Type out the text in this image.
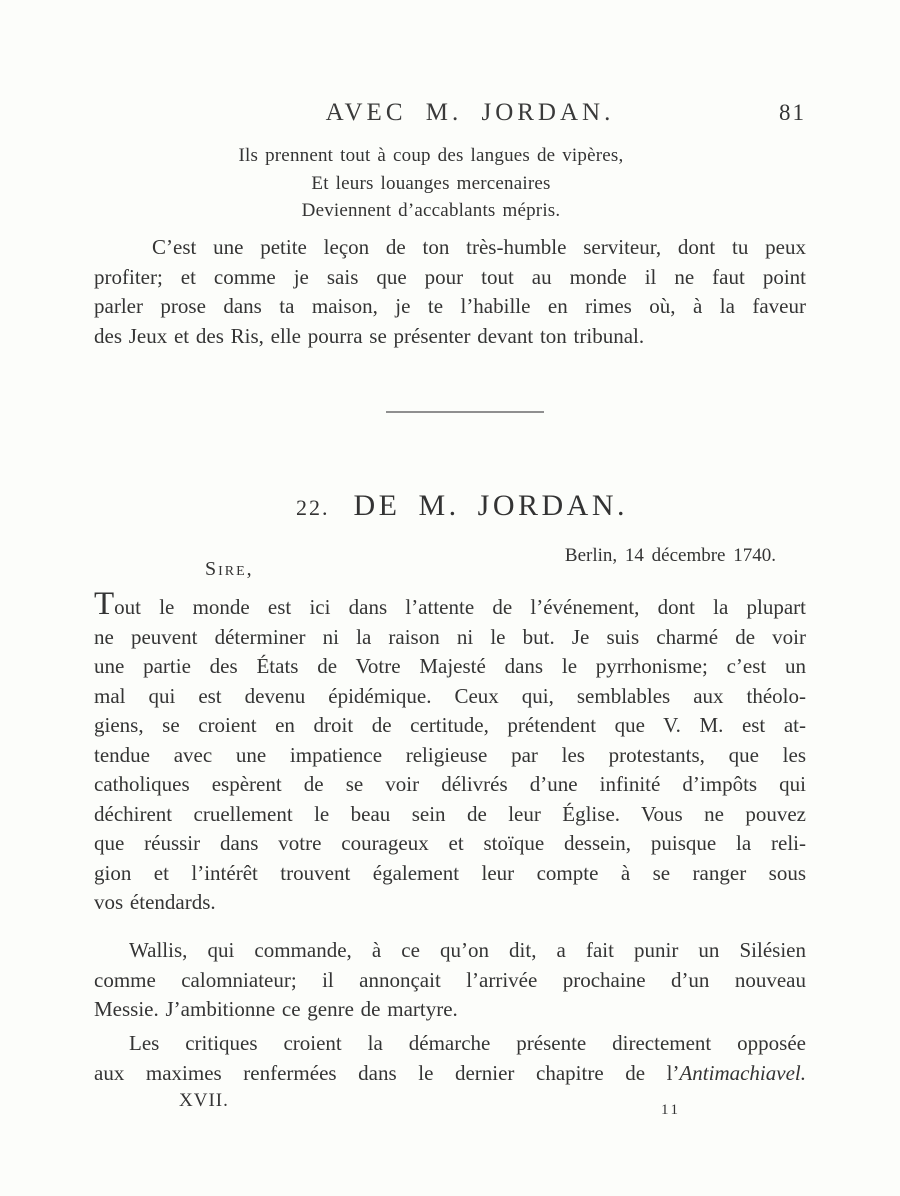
AVEC M. JORDAN.	81
Ils prennent tout à coup des langues de vipères,
Et leurs louanges mercenaires
Deviennent d’accablants mépris.
C’est une petite leçon de ton très-humble serviteur, dont tu peux
profiter; et comme je sais que pour tout au monde il ne faut point
parler prose dans ta maison, je te l’habille en rimes où, à la faveur
des Jeux et des Ris, elle pourra se présenter devant ton tribunal.
22. DE M. JORDAN.
Berlin, 14 décembre 1740.
Sire,
Tout le monde est ici dans l’attente de l’événement, dont la plupart
ne peuvent déterminer ni la raison ni le but. Je suis charmé de voir
une partie des États de Votre Majesté dans le pyrrhonisme; c’est un
mal qui est devenu épidémique. Ceux qui, semblables aux théolo-
giens, se croient en droit de certitude, prétendent que V. M. est at-
tendue avec une impatience religieuse par les protestants, que les
catholiques espèrent de se voir délivrés d’une infinité d’impôts qui
déchirent cruellement le beau sein de leur Église. Vous ne pouvez
que réussir dans votre courageux et stoïque dessein, puisque la reli-
gion et l’intérêt trouvent également leur compte à se ranger sous
vos étendards.
Wallis, qui commande, à ce qu’on dit, a fait punir un Silésien
comme calomniateur; il annonçait l’arrivée prochaine d’un nouveau
Messie. J’ambitionne ce genre de martyre.
Les critiques croient la démarche présente directement opposée
aux maximes renfermées dans le dernier chapitre de l’Antimachiavel.
XVII.	11
